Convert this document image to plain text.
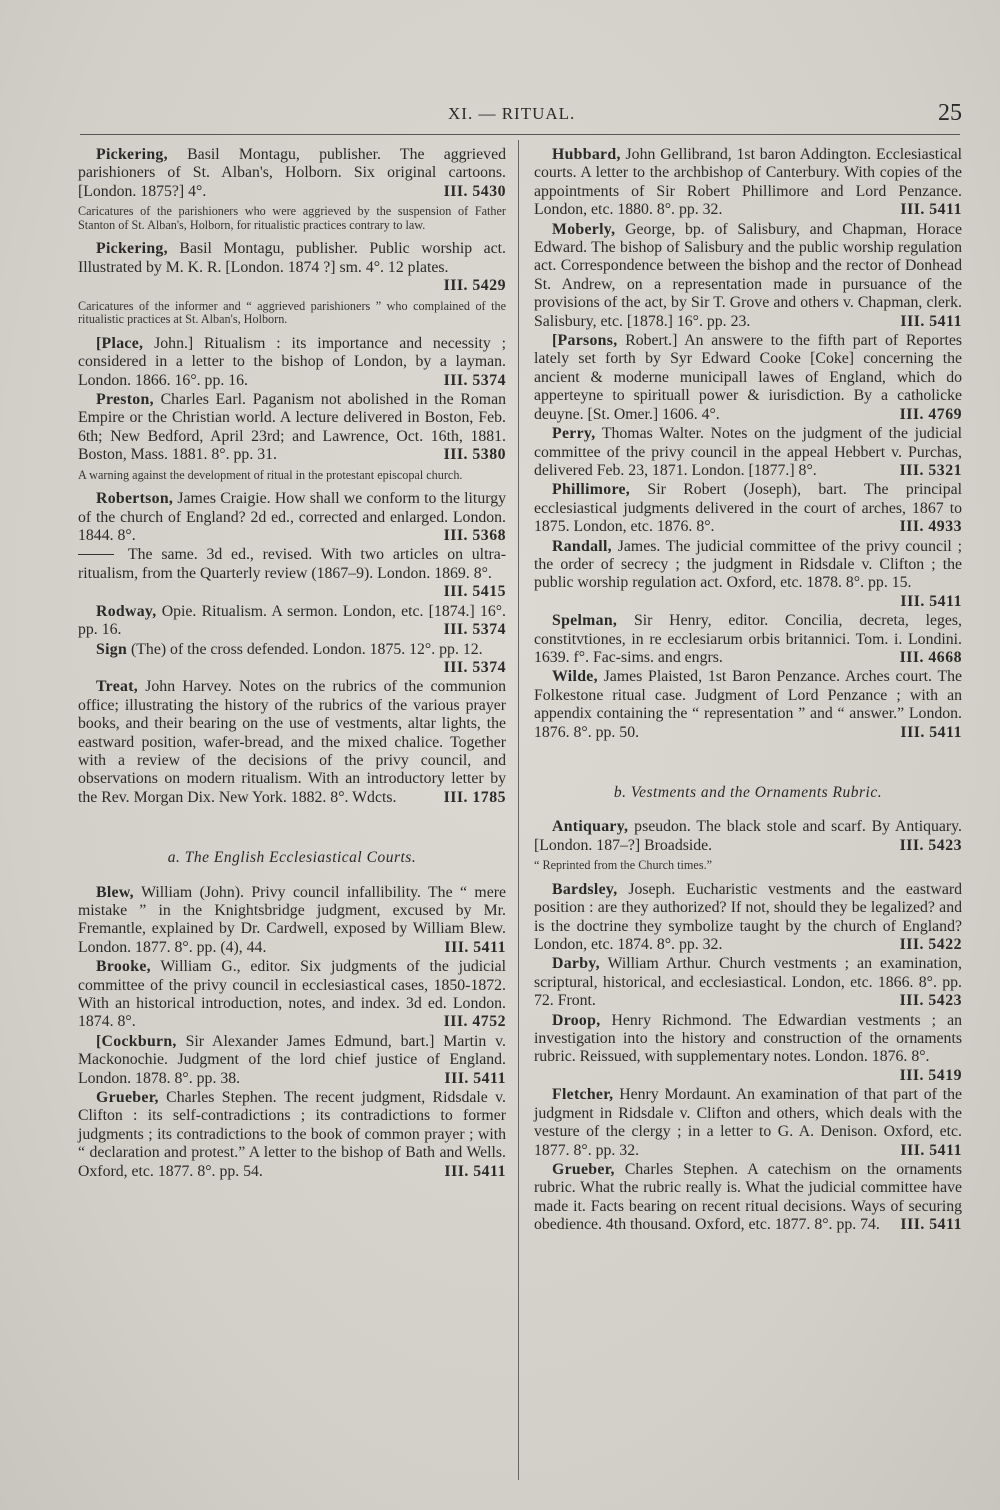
XI. — RITUAL.	25
Pickering, Basil Montagu, publisher. The aggrieved parishioners of St. Alban's, Holborn. Six original cartoons. [London. 1875?] 4°.	III. 5430
Caricatures of the parishioners who were aggrieved by the suspension of Father Stanton of St. Alban's, Holborn, for ritualistic practices contrary to law.
Pickering, Basil Montagu, publisher. Public worship act. Illustrated by M. K. R. [London. 1874 ?] sm. 4°. 12 plates.
III. 5429
Caricatures of the informer and “ aggrieved parishioners ” who complained of the ritualistic practices at St. Alban's, Holborn.
[Place, John.] Ritualism : its importance and necessity ; considered in a letter to the bishop of London, by a layman. London. 1866. 16°. pp. 16.	III. 5374
Preston, Charles Earl. Paganism not abolished in the Roman Empire or the Christian world. A lecture delivered in Boston, Feb. 6th; New Bedford, April 23rd; and Lawrence, Oct. 16th, 1881. Boston, Mass. 1881. 8°. pp. 31.	III. 5380
A warning against the development of ritual in the protestant episcopal church.
Robertson, James Craigie. How shall we conform to the liturgy of the church of England? 2d ed., corrected and enlarged. London. 1844. 8°.	III. 5368
The same. 3d ed., revised. With two articles on ultra-ritualism, from the Quarterly review (1867–9). London. 1869. 8°.
III. 5415
Rodway, Opie. Ritualism. A sermon. London, etc. [1874.] 16°. pp. 16.	III. 5374
Sign (The) of the cross defended. London. 1875. 12°. pp. 12.
III. 5374
Treat, John Harvey. Notes on the rubrics of the communion office; illustrating the history of the rubrics of the various prayer books, and their bearing on the use of vestments, altar lights, the eastward position, wafer-bread, and the mixed chalice. Together with a review of the decisions of the privy council, and observations on modern ritualism. With an introductory letter by the Rev. Morgan Dix. New York. 1882. 8°. Wdcts.	III. 1785
a. The English Ecclesiastical Courts.
Blew, William (John). Privy council infallibility. The “ mere mistake ” in the Knightsbridge judgment, excused by Mr. Fremantle, explained by Dr. Cardwell, exposed by William Blew. London. 1877. 8°. pp. (4), 44.	III. 5411
Brooke, William G., editor. Six judgments of the judicial committee of the privy council in ecclesiastical cases, 1850-1872. With an historical introduction, notes, and index. 3d ed. London. 1874. 8°.	III. 4752
[Cockburn, Sir Alexander James Edmund, bart.] Martin v. Mackonochie. Judgment of the lord chief justice of England. London. 1878. 8°. pp. 38.	III. 5411
Grueber, Charles Stephen. The recent judgment, Ridsdale v. Clifton : its self-contradictions ; its contradictions to former judgments ; its contradictions to the book of common prayer ; with “ declaration and protest.” A letter to the bishop of Bath and Wells. Oxford, etc. 1877. 8°. pp. 54.	III. 5411
Hubbard, John Gellibrand, 1st baron Addington. Ecclesiastical courts. A letter to the archbishop of Canterbury. With copies of the appointments of Sir Robert Phillimore and Lord Penzance. London, etc. 1880. 8°. pp. 32.	III. 5411
Moberly, George, bp. of Salisbury, and Chapman, Horace Edward. The bishop of Salisbury and the public worship regulation act. Correspondence between the bishop and the rector of Donhead St. Andrew, on a representation made in pursuance of the provisions of the act, by Sir T. Grove and others v. Chapman, clerk. Salisbury, etc. [1878.] 16°. pp. 23.	III. 5411
[Parsons, Robert.] An answere to the fifth part of Reportes lately set forth by Syr Edward Cooke [Coke] concerning the ancient & moderne municipall lawes of England, which do apperteyne to spirituall power & iurisdiction. By a catholicke deuyne. [St. Omer.] 1606. 4°.	III. 4769
Perry, Thomas Walter. Notes on the judgment of the judicial committee of the privy council in the appeal Hebbert v. Purchas, delivered Feb. 23, 1871. London. [1877.] 8°.	III. 5321
Phillimore, Sir Robert (Joseph), bart. The principal ecclesiastical judgments delivered in the court of arches, 1867 to 1875. London, etc. 1876. 8°.	III. 4933
Randall, James. The judicial committee of the privy council ; the order of secrecy ; the judgment in Ridsdale v. Clifton ; the public worship regulation act. Oxford, etc. 1878. 8°. pp. 15.
III. 5411
Spelman, Sir Henry, editor. Concilia, decreta, leges, constitvtiones, in re ecclesiarum orbis britannici. Tom. i. Londini. 1639. f°. Fac-sims. and engrs.	III. 4668
Wilde, James Plaisted, 1st Baron Penzance. Arches court. The Folkestone ritual case. Judgment of Lord Penzance ; with an appendix containing the “ representation ” and “ answer.” London. 1876. 8°. pp. 50.	III. 5411
b. Vestments and the Ornaments Rubric.
Antiquary, pseudon. The black stole and scarf. By Antiquary. [London. 187–?] Broadside.	III. 5423
“ Reprinted from the Church times.”
Bardsley, Joseph. Eucharistic vestments and the eastward position : are they authorized? If not, should they be legalized? and is the doctrine they symbolize taught by the church of England? London, etc. 1874. 8°. pp. 32.	III. 5422
Darby, William Arthur. Church vestments ; an examination, scriptural, historical, and ecclesiastical. London, etc. 1866. 8°. pp. 72. Front.	III. 5423
Droop, Henry Richmond. The Edwardian vestments ; an investigation into the history and construction of the ornaments rubric. Reissued, with supplementary notes. London. 1876. 8°.
III. 5419
Fletcher, Henry Mordaunt. An examination of that part of the judgment in Ridsdale v. Clifton and others, which deals with the vesture of the clergy ; in a letter to G. A. Denison. Oxford, etc. 1877. 8°. pp. 32.	III. 5411
Grueber, Charles Stephen. A catechism on the ornaments rubric. What the rubric really is. What the judicial committee have made it. Facts bearing on recent ritual decisions. Ways of securing obedience. 4th thousand. Oxford, etc. 1877. 8°. pp. 74.	III. 5411
